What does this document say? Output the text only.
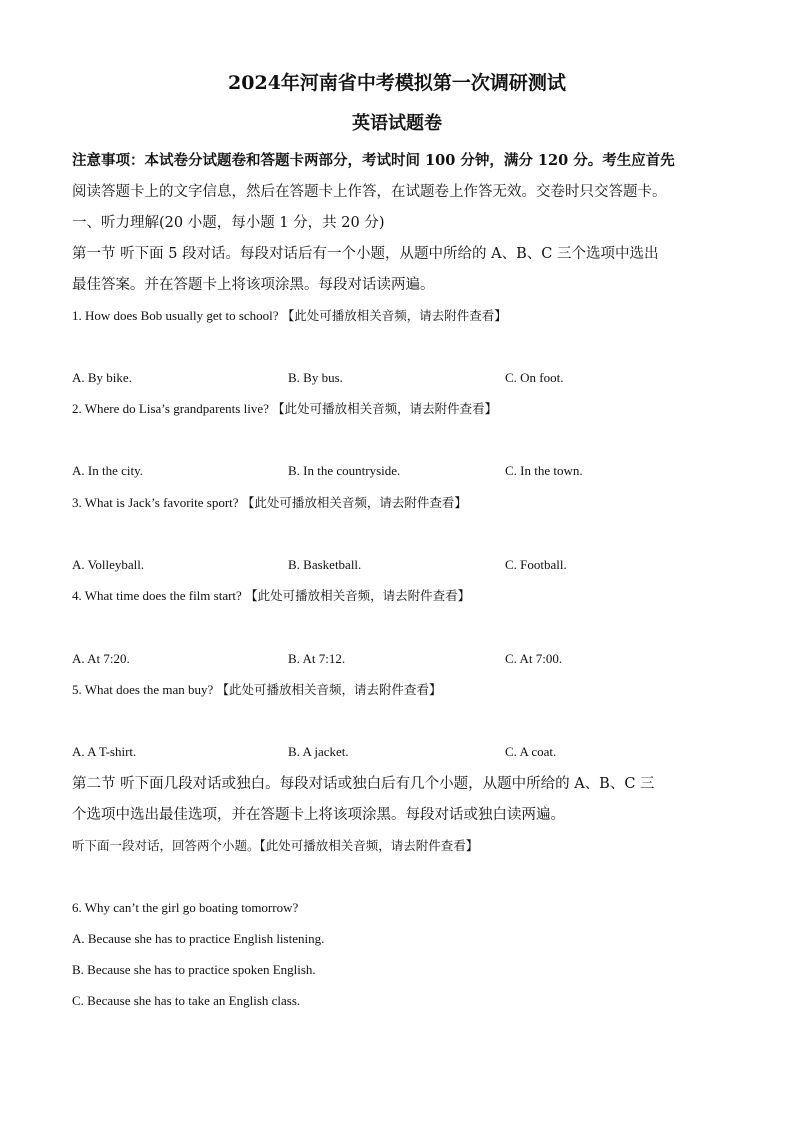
2024年河南省中考模拟第一次调研测试
英语试题卷
注意事项：本试卷分试题卷和答题卡两部分，考试时间 100 分钟，满分 120 分。考生应首先
阅读答题卡上的文字信息，然后在答题卡上作答，在试题卷上作答无效。交卷时只交答题卡。
一、听力理解(20 小题，每小题 1 分，共 20 分)
第一节 听下面 5 段对话。每段对话后有一个小题，从题中所给的 A、B、C 三个选项中选出
最佳答案。并在答题卡上将该项涂黑。每段对话读两遍。
1. How does Bob usually get to school? 【此处可播放相关音频，请去附件查看】
A. By bike.	B. By bus.	C. On foot.
2. Where do Lisa’s grandparents live? 【此处可播放相关音频，请去附件查看】
A. In the city.	B. In the countryside.	C. In the town.
3. What is Jack’s favorite sport? 【此处可播放相关音频，请去附件查看】
A. Volleyball.	B. Basketball.	C. Football.
4. What time does the film start? 【此处可播放相关音频，请去附件查看】
A. At 7:20.	B. At 7:12.	C. At 7:00.
5. What does the man buy? 【此处可播放相关音频，请去附件查看】
A. A T-shirt.	B. A jacket.	C. A coat.
第二节 听下面几段对话或独白。每段对话或独白后有几个小题，从题中所给的 A、B、C 三
个选项中选出最佳选项，并在答题卡上将该项涂黑。每段对话或独白读两遍。
听下面一段对话，回答两个小题。【此处可播放相关音频，请去附件查看】
6. Why can’t the girl go boating tomorrow?
A. Because she has to practice English listening.
B. Because she has to practice spoken English.
C. Because she has to take an English class.
